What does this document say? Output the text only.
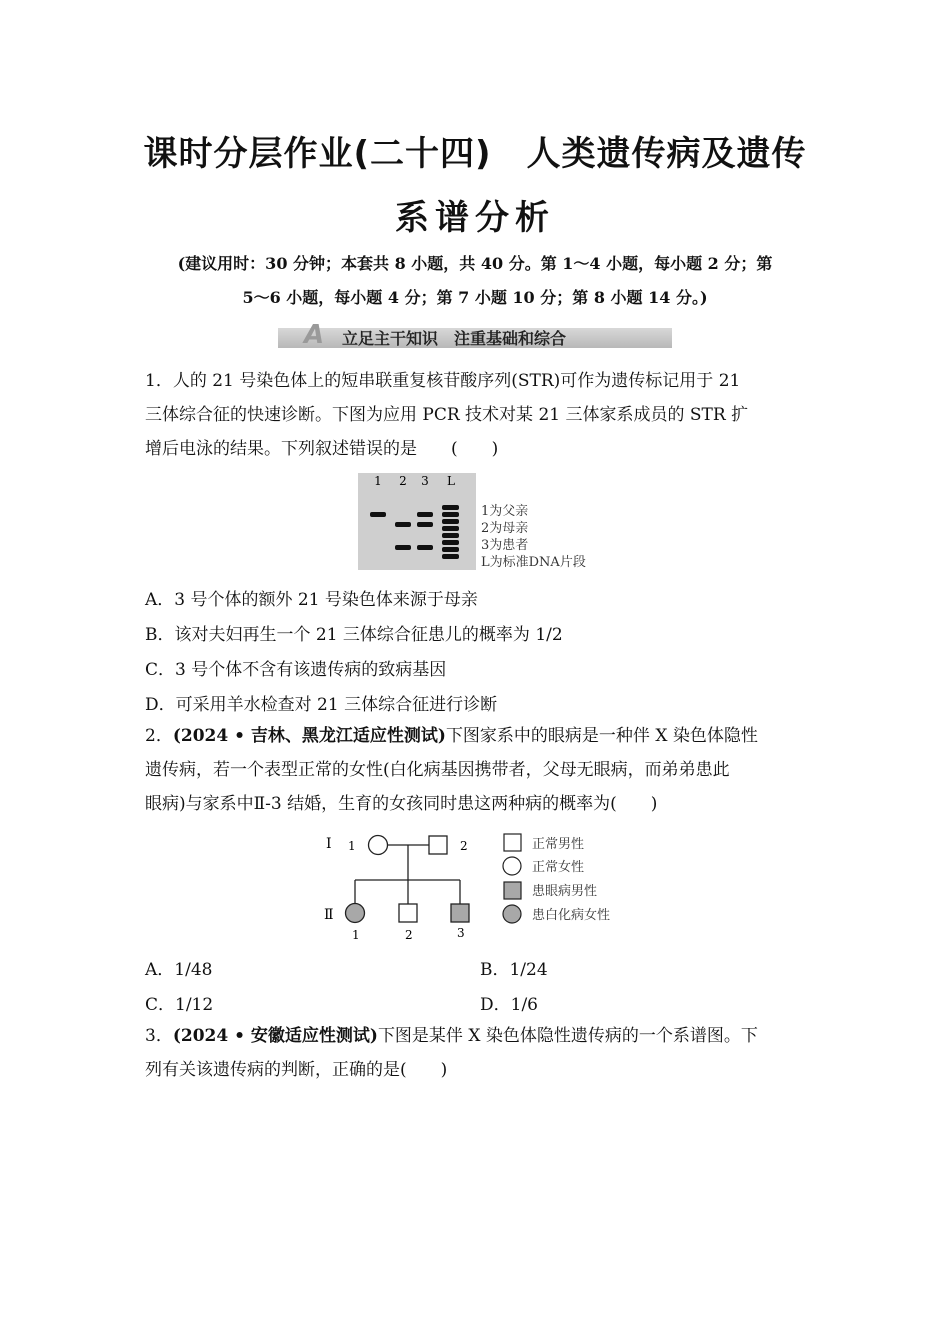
课时分层作业(二十四)　人类遗传病及遗传
系谱分析
(建议用时：30 分钟；本套共 8 小题，共 40 分。第 1～4 小题，每小题 2 分；第
5～6 小题，每小题 4 分；第 7 小题 10 分；第 8 小题 14 分。)
A 立足主干知识　注重基础和综合
1．人的 21 号染色体上的短串联重复核苷酸序列(STR)可作为遗传标记用于 21
三体综合征的快速诊断。下图为应用 PCR 技术对某 21 三体家系成员的 STR 扩
增后电泳的结果。下列叙述错误的是　　(　　)
1 2 3 L
1为父亲
2为母亲
3为患者
L为标准DNA片段
A．3 号个体的额外 21 号染色体来源于母亲
B．该对夫妇再生一个 21 三体综合征患儿的概率为 1/2
C．3 号个体不含有该遗传病的致病基因
D．可采用羊水检查对 21 三体综合征进行诊断
2．(2024 • 吉林、黑龙江适应性测试)下图家系中的眼病是一种伴 X 染色体隐性
遗传病，若一个表型正常的女性(白化病基因携带者，父母无眼病，而弟弟患此
眼病)与家系中Ⅱ-3 结婚，生育的女孩同时患这两种病的概率为(　　)
Ⅰ 1	2
Ⅱ
1	2	3
正常男性
正常女性
患眼病男性
患白化病女性
A．1/48	B．1/24
C．1/12	D．1/6
3．(2024 • 安徽适应性测试)下图是某伴 X 染色体隐性遗传病的一个系谱图。下
列有关该遗传病的判断，正确的是(　　)
